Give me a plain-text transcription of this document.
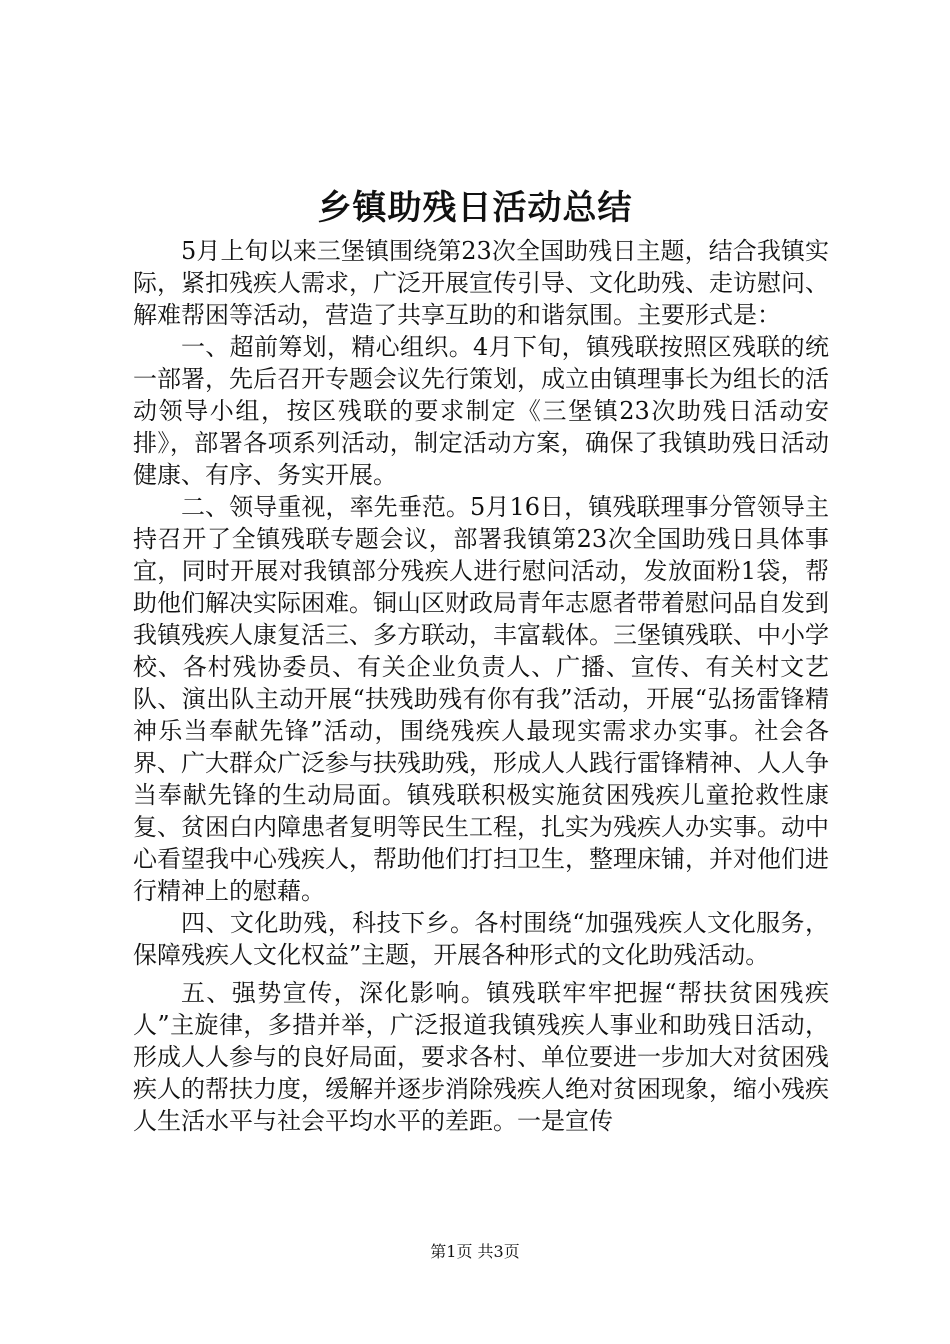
乡镇助残日活动总结

5月上旬以来三堡镇围绕第23次全国助残日主题，结合我镇实际，紧扣残疾人需求，广泛开展宣传引导、文化助残、走访慰问、解难帮困等活动，营造了共享互助的和谐氛围。主要形式是：

一、超前筹划，精心组织。4月下旬，镇残联按照区残联的统一部署，先后召开专题会议先行策划，成立由镇理事长为组长的活动领导小组，按区残联的要求制定《三堡镇23次助残日活动安排》，部署各项系列活动，制定活动方案，确保了我镇助残日活动健康、有序、务实开展。

二、领导重视，率先垂范。5月16日，镇残联理事分管领导主持召开了全镇残联专题会议，部署我镇第23次全国助残日具体事宜，同时开展对我镇部分残疾人进行慰问活动，发放面粉1袋，帮助他们解决实际困难。铜山区财政局青年志愿者带着慰问品自发到我镇残疾人康复活三、多方联动，丰富载体。三堡镇残联、中小学校、各村残协委员、有关企业负责人、广播、宣传、有关村文艺队、演出队主动开展“扶残助残有你有我”活动，开展“弘扬雷锋精神乐当奉献先锋”活动，围绕残疾人最现实需求办实事。社会各界、广大群众广泛参与扶残助残，形成人人践行雷锋精神、人人争当奉献先锋的生动局面。镇残联积极实施贫困残疾儿童抢救性康复、贫困白内障患者复明等民生工程，扎实为残疾人办实事。动中心看望我中心残疾人，帮助他们打扫卫生，整理床铺，并对他们进行精神上的慰藉。

四、文化助残，科技下乡。各村围绕“加强残疾人文化服务，保障残疾人文化权益”主题，开展各种形式的文化助残活动。

五、强势宣传，深化影响。镇残联牢牢把握“帮扶贫困残疾人”主旋律，多措并举，广泛报道我镇残疾人事业和助残日活动，形成人人参与的良好局面，要求各村、单位要进一步加大对贫困残疾人的帮扶力度，缓解并逐步消除残疾人绝对贫困现象，缩小残疾人生活水平与社会平均水平的差距。一是宣传

第1页 共3页
